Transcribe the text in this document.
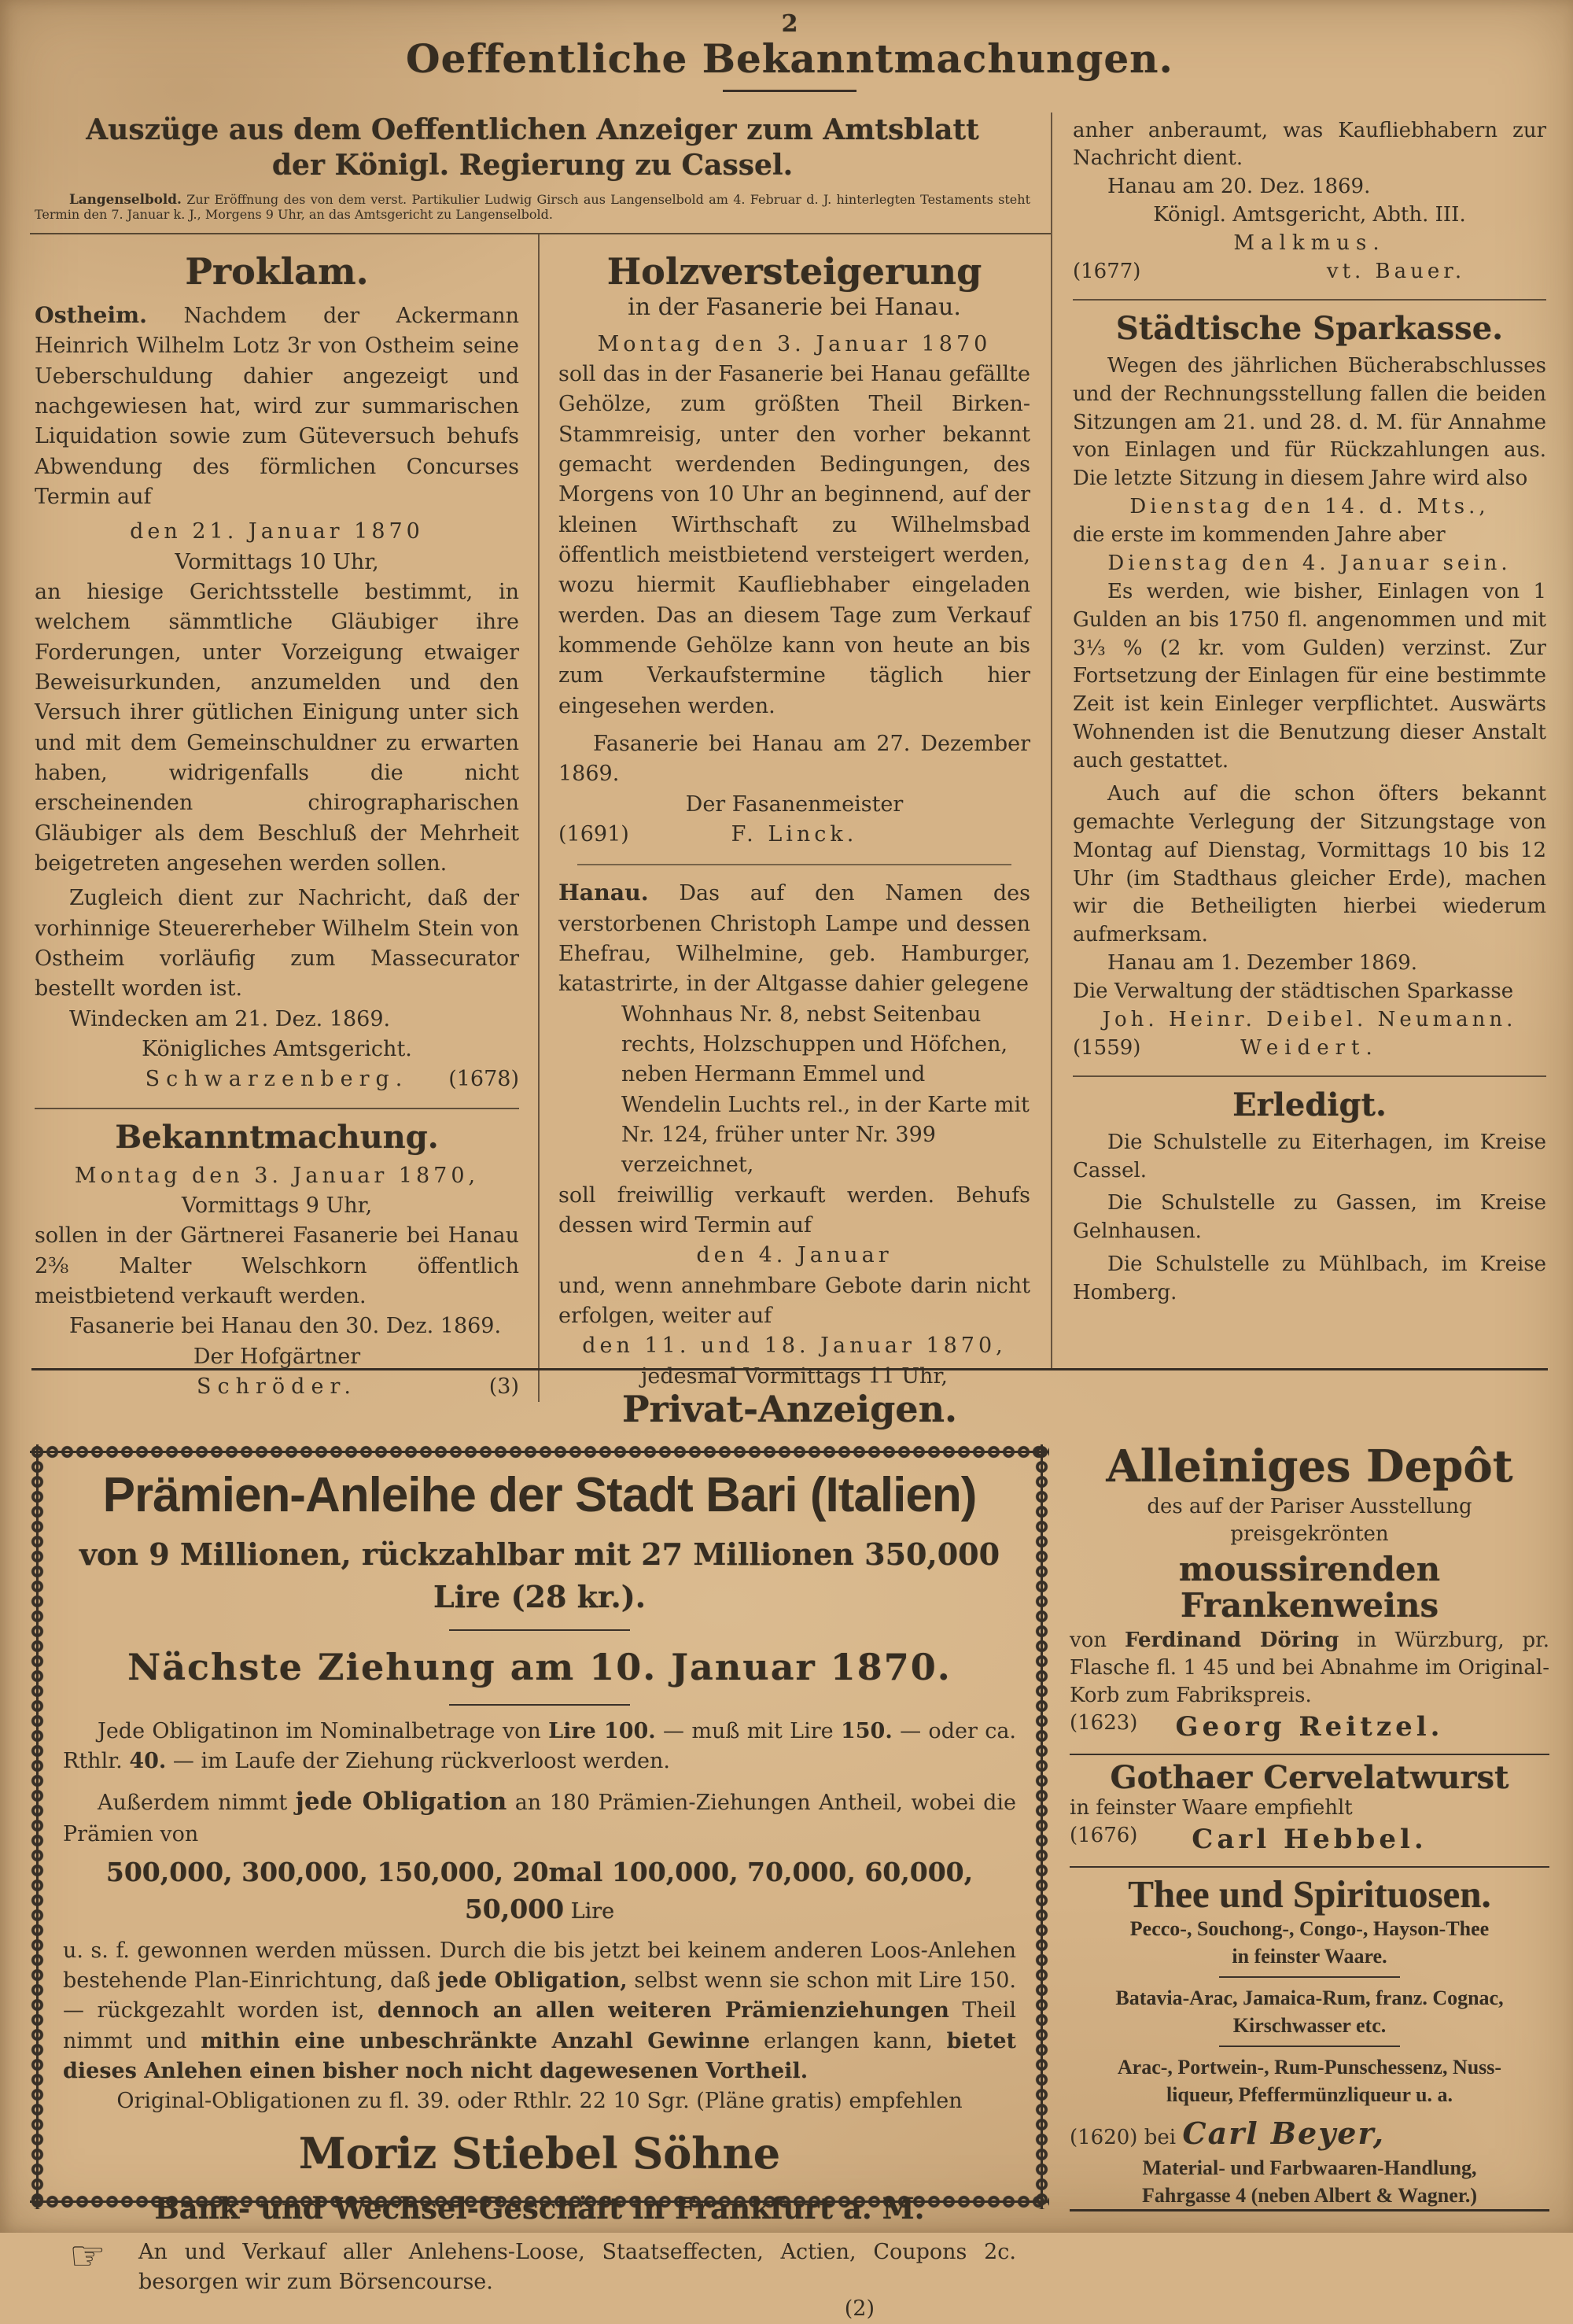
2
Oeffentliche Bekanntmachungen.
Auszüge aus dem Oeffentlichen Anzeiger zum Amtsblatt
der Königl. Regierung zu Cassel.

Langenselbold. Zur Eröffnung des von dem verst. Partikulier Ludwig Girsch aus Langenselbold am 4. Februar d. J. hinterlegten Testaments steht Termin den 7. Januar k. J., Morgens 9 Uhr, an das Amtsgericht zu Langenselbold.

Proklam.

Ostheim. Nachdem der Ackermann Heinrich Wilhelm Lotz 3r von Ostheim seine Ueberschuldung dahier angezeigt und nachgewiesen hat, wird zur summarischen Liquidation sowie zum Güteversuch behufs Abwendung des förmlichen Concurses Termin auf

den 21. Januar 1870
Vormittags 10 Uhr,

an hiesige Gerichtsstelle bestimmt, in welchem sämmtliche Gläubiger ihre Forderungen, unter Vorzeigung etwaiger Beweisurkunden, anzumelden und den Versuch ihrer gütlichen Einigung unter sich und mit dem Gemeinschuldner zu erwarten haben, widrigenfalls die nicht erscheinenden chirographarischen Gläubiger als dem Beschluß der Mehrheit beigetreten angesehen werden sollen.

Zugleich dient zur Nachricht, daß der vorhinnige Steuererheber Wilhelm Stein von Ostheim vorläufig zum Massecurator bestellt worden ist.

Windecken am 21. Dez. 1869.
Königliches Amtsgericht.
Schwarzenberg. (1678)
Bekanntmachung.
Montag den 3. Januar 1870,
Vormittags 9 Uhr,

sollen in der Gärtnerei Fasanerie bei Hanau 2⅜ Malter Welschkorn öffentlich meistbietend verkauft werden.

Fasanerie bei Hanau den 30. Dez. 1869.
Der Hofgärtner
Schröder.	(3)
Holzversteigerung
in der Fasanerie bei Hanau.
Montag den 3. Januar 1870

soll das in der Fasanerie bei Hanau gefällte Gehölze, zum größten Theil Birken-Stammreisig, unter den vorher bekannt gemacht werdenden Bedingungen, des Morgens von 10 Uhr an beginnend, auf der kleinen Wirthschaft zu Wilhelmsbad öffentlich meistbietend versteigert werden, wozu hiermit Kaufliebhaber eingeladen werden. Das an diesem Tage zum Verkauf kommende Gehölze kann von heute an bis zum Verkaufstermine täglich hier eingesehen werden.

Fasanerie bei Hanau am 27. Dezember 1869.

Der Fasanenmeister
(1691)	F. Linck.

Hanau. Das auf den Namen des verstorbenen Christoph Lampe und dessen Ehefrau, Wilhelmine, geb. Hamburger, katastrirte, in der Altgasse dahier gelegene

Wohnhaus Nr. 8, nebst Seitenbau rechts, Holzschuppen und Höfchen, neben Hermann Emmel und Wendelin Luchts rel., in der Karte mit Nr. 124, früher unter Nr. 399 verzeichnet,

soll freiwillig verkauft werden. Behufs dessen wird Termin auf

den 4. Januar

und, wenn annehmbare Gebote darin nicht erfolgen, weiter auf

den 11. und 18. Januar 1870,
jedesmal Vormittags 11 Uhr,

anher anberaumt, was Kaufliebhabern zur Nachricht dient.

Hanau am 20. Dez. 1869.
Königl. Amtsgericht, Abth. III.
Malkmus.
(1677)	vt. Bauer.
Städtische Sparkasse.

Wegen des jährlichen Bücherabschlusses und der Rechnungsstellung fallen die beiden Sitzungen am 21. und 28. d. M. für Annahme von Einlagen und für Rückzahlungen aus. Die letzte Sitzung in diesem Jahre wird also

Dienstag den 14. d. Mts.,
die erste im kommenden Jahre aber
Dienstag den 4. Januar sein.

Es werden, wie bisher, Einlagen von 1 Gulden an bis 1750 fl. angenommen und mit 3⅓ % (2 kr. vom Gulden) verzinst. Zur Fortsetzung der Einlagen für eine bestimmte Zeit ist kein Einleger verpflichtet. Auswärts Wohnenden ist die Benutzung dieser Anstalt auch gestattet.

Auch auf die schon öfters bekannt gemachte Verlegung der Sitzungstage von Montag auf Dienstag, Vormittags 10 bis 12 Uhr (im Stadthaus gleicher Erde), machen wir die Betheiligten hierbei wiederum aufmerksam.

Hanau am 1. Dezember 1869.
Die Verwaltung der städtischen Sparkasse
Joh. Heinr. Deibel. Neumann.
(1559)	Weidert.
Erledigt.

Die Schulstelle zu Eiterhagen, im Kreise Cassel.

Die Schulstelle zu Gassen, im Kreise Gelnhausen.

Die Schulstelle zu Mühlbach, im Kreise Homberg.

Privat-Anzeigen.
Prämien-Anleihe der Stadt Bari (Italien)
von 9 Millionen, rückzahlbar mit 27 Millionen 350,000 Lire (28 kr.).
Nächste Ziehung am 10. Januar 1870.

Jede Obligatinon im Nominalbetrage von Lire 100. — muß mit Lire 150. — oder ca. Rthlr. 40. — im Laufe der Ziehung rückverloost werden.

Außerdem nimmt jede Obligation an 180 Prämien-Ziehungen Antheil, wobei die Prämien von

500,000, 300,000, 150,000, 20mal 100,000, 70,000, 60,000, 50,000 Lire

u. s. f. gewonnen werden müssen. Durch die bis jetzt bei keinem anderen Loos-Anlehen bestehende Plan-Einrichtung, daß jede Obligation, selbst wenn sie schon mit Lire 150. — rückgezahlt worden ist, dennoch an allen weiteren Prämienziehungen Theil nimmt und mithin eine unbeschränkte Anzahl Gewinne erlangen kann, bietet dieses Anlehen einen bisher noch nicht dagewesenen Vortheil.

Original-Obligationen zu fl. 39. oder Rthlr. 22 10 Sgr. (Pläne gratis) empfehlen
Moriz Stiebel Söhne
Bank- und Wechsel-Geschäft in Frankfurt a. M.
☞ An und Verkauf aller Anlehens-Loose, Staatseffecten, Actien, Coupons 2c. besorgen wir zum Börsencourse.
(2)
Alleiniges Depôt
des auf der Pariser Ausstellung preisgekrönten
moussirenden Frankenweins

von Ferdinand Döring in Würzburg, pr. Flasche fl. 1 45 und bei Abnahme im Original-Korb zum Fabrikspreis.

(1623) Georg Reitzel.
Gothaer Cervelatwurst
in feinster Waare empfiehlt
(1676) Carl Hebbel.
Thee und Spirituosen.
Pecco-, Souchong-, Congo-, Hayson-Thee
in feinster Waare.
Batavia-Arac, Jamaica-Rum, franz. Cognac,
Kirschwasser etc.
Arac-, Portwein-, Rum-Punschessenz, Nuss-
liqueur, Pfeffermünzliqueur u. a.
(1620) bei Carl Beyer,
Material- und Farbwaaren-Handlung,
Fahrgasse 4 (neben Albert & Wagner.)
